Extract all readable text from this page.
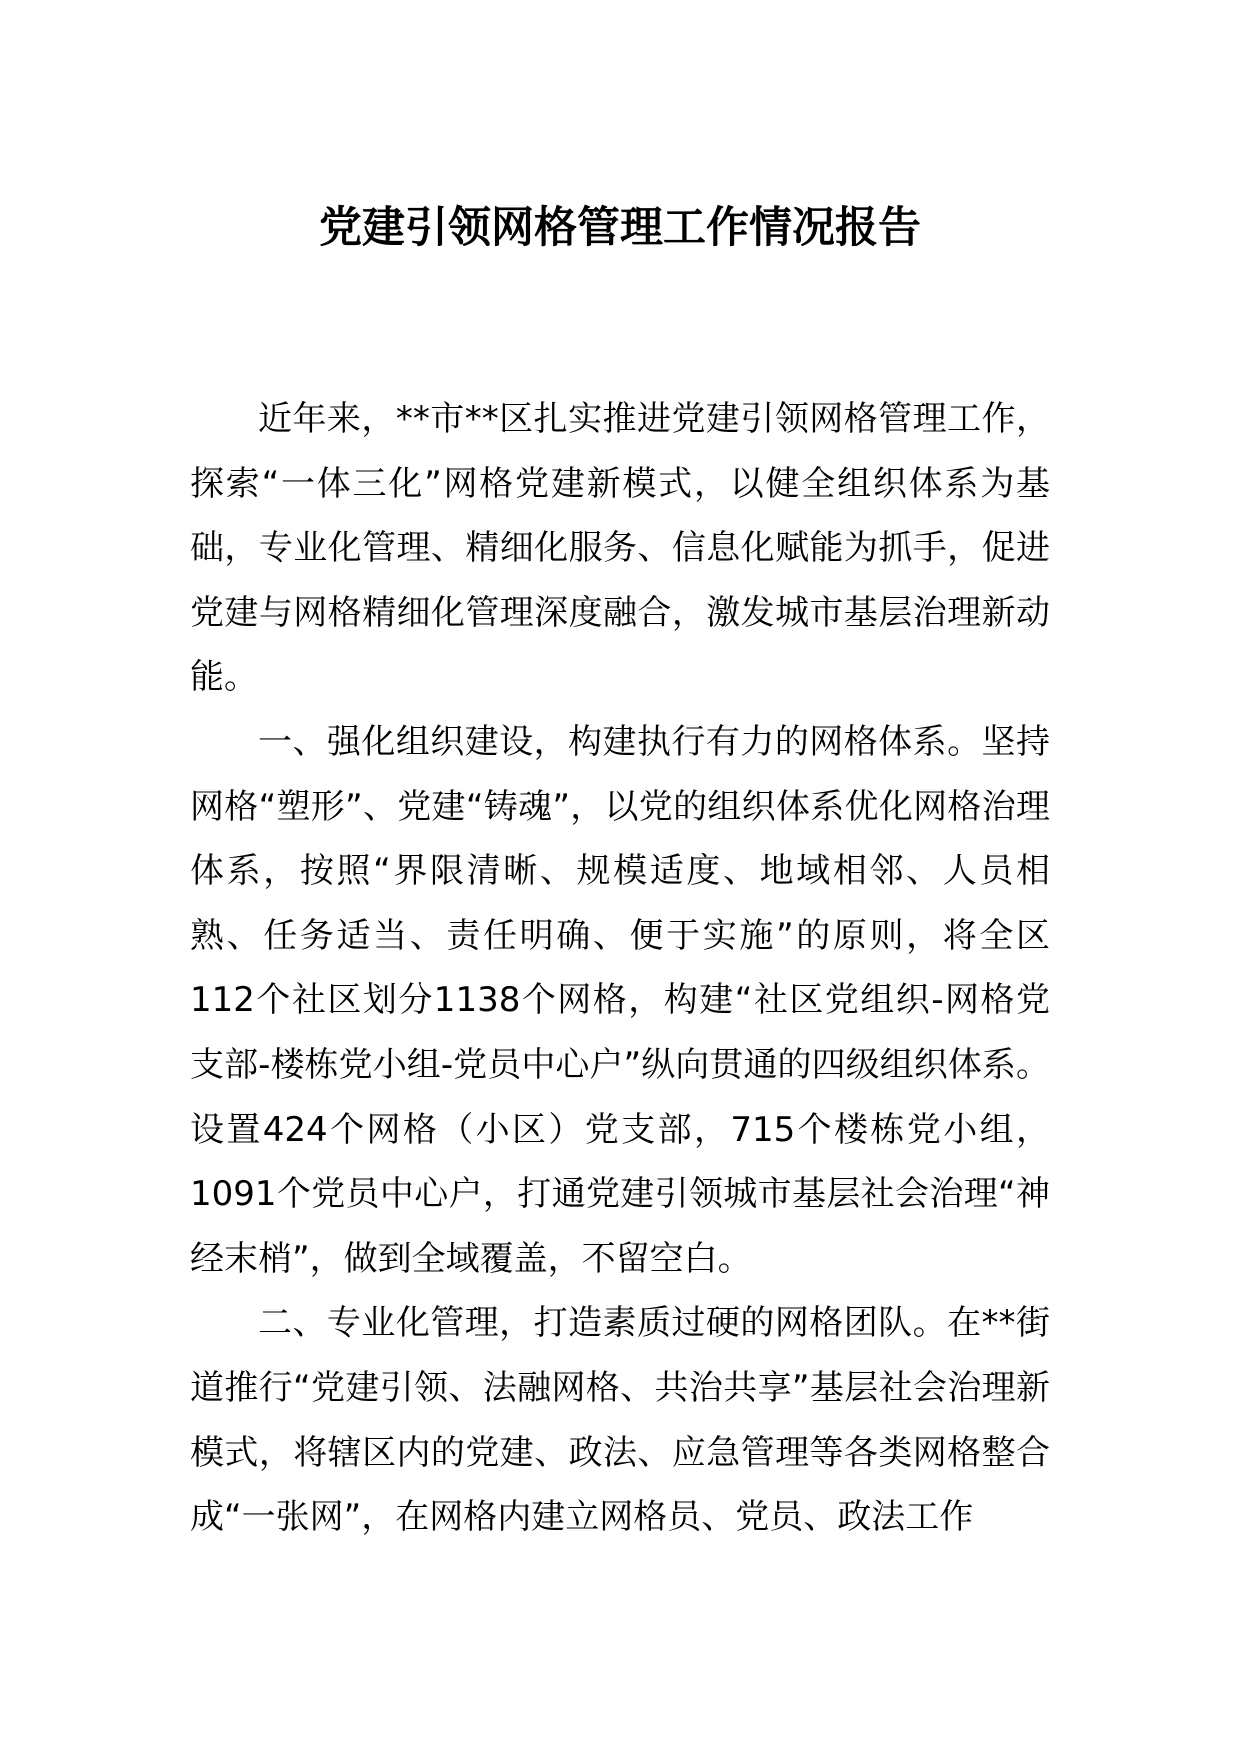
党建引领网格管理工作情况报告

近年来，**市**区扎实推进党建引领网格管理工作，探索“一体三化”网格党建新模式，以健全组织体系为基础，专业化管理、精细化服务、信息化赋能为抓手，促进党建与网格精细化管理深度融合，激发城市基层治理新动能。

一、强化组织建设，构建执行有力的网格体系。坚持网格“塑形”、党建“铸魂”，以党的组织体系优化网格治理体系，按照“界限清晰、规模适度、地域相邻、人员相熟、任务适当、责任明确、便于实施”的原则，将全区112个社区划分1138个网格，构建“社区党组织-网格党支部-楼栋党小组-党员中心户”纵向贯通的四级组织体系。设置424个网格（小区）党支部，715个楼栋党小组，1091个党员中心户，打通党建引领城市基层社会治理“神经末梢”，做到全域覆盖，不留空白。

二、专业化管理，打造素质过硬的网格团队。在**街道推行“党建引领、法融网格、共治共享”基层社会治理新模式，将辖区内的党建、政法、应急管理等各类网格整合成“一张网”，在网格内建立网格员、党员、政法工作
